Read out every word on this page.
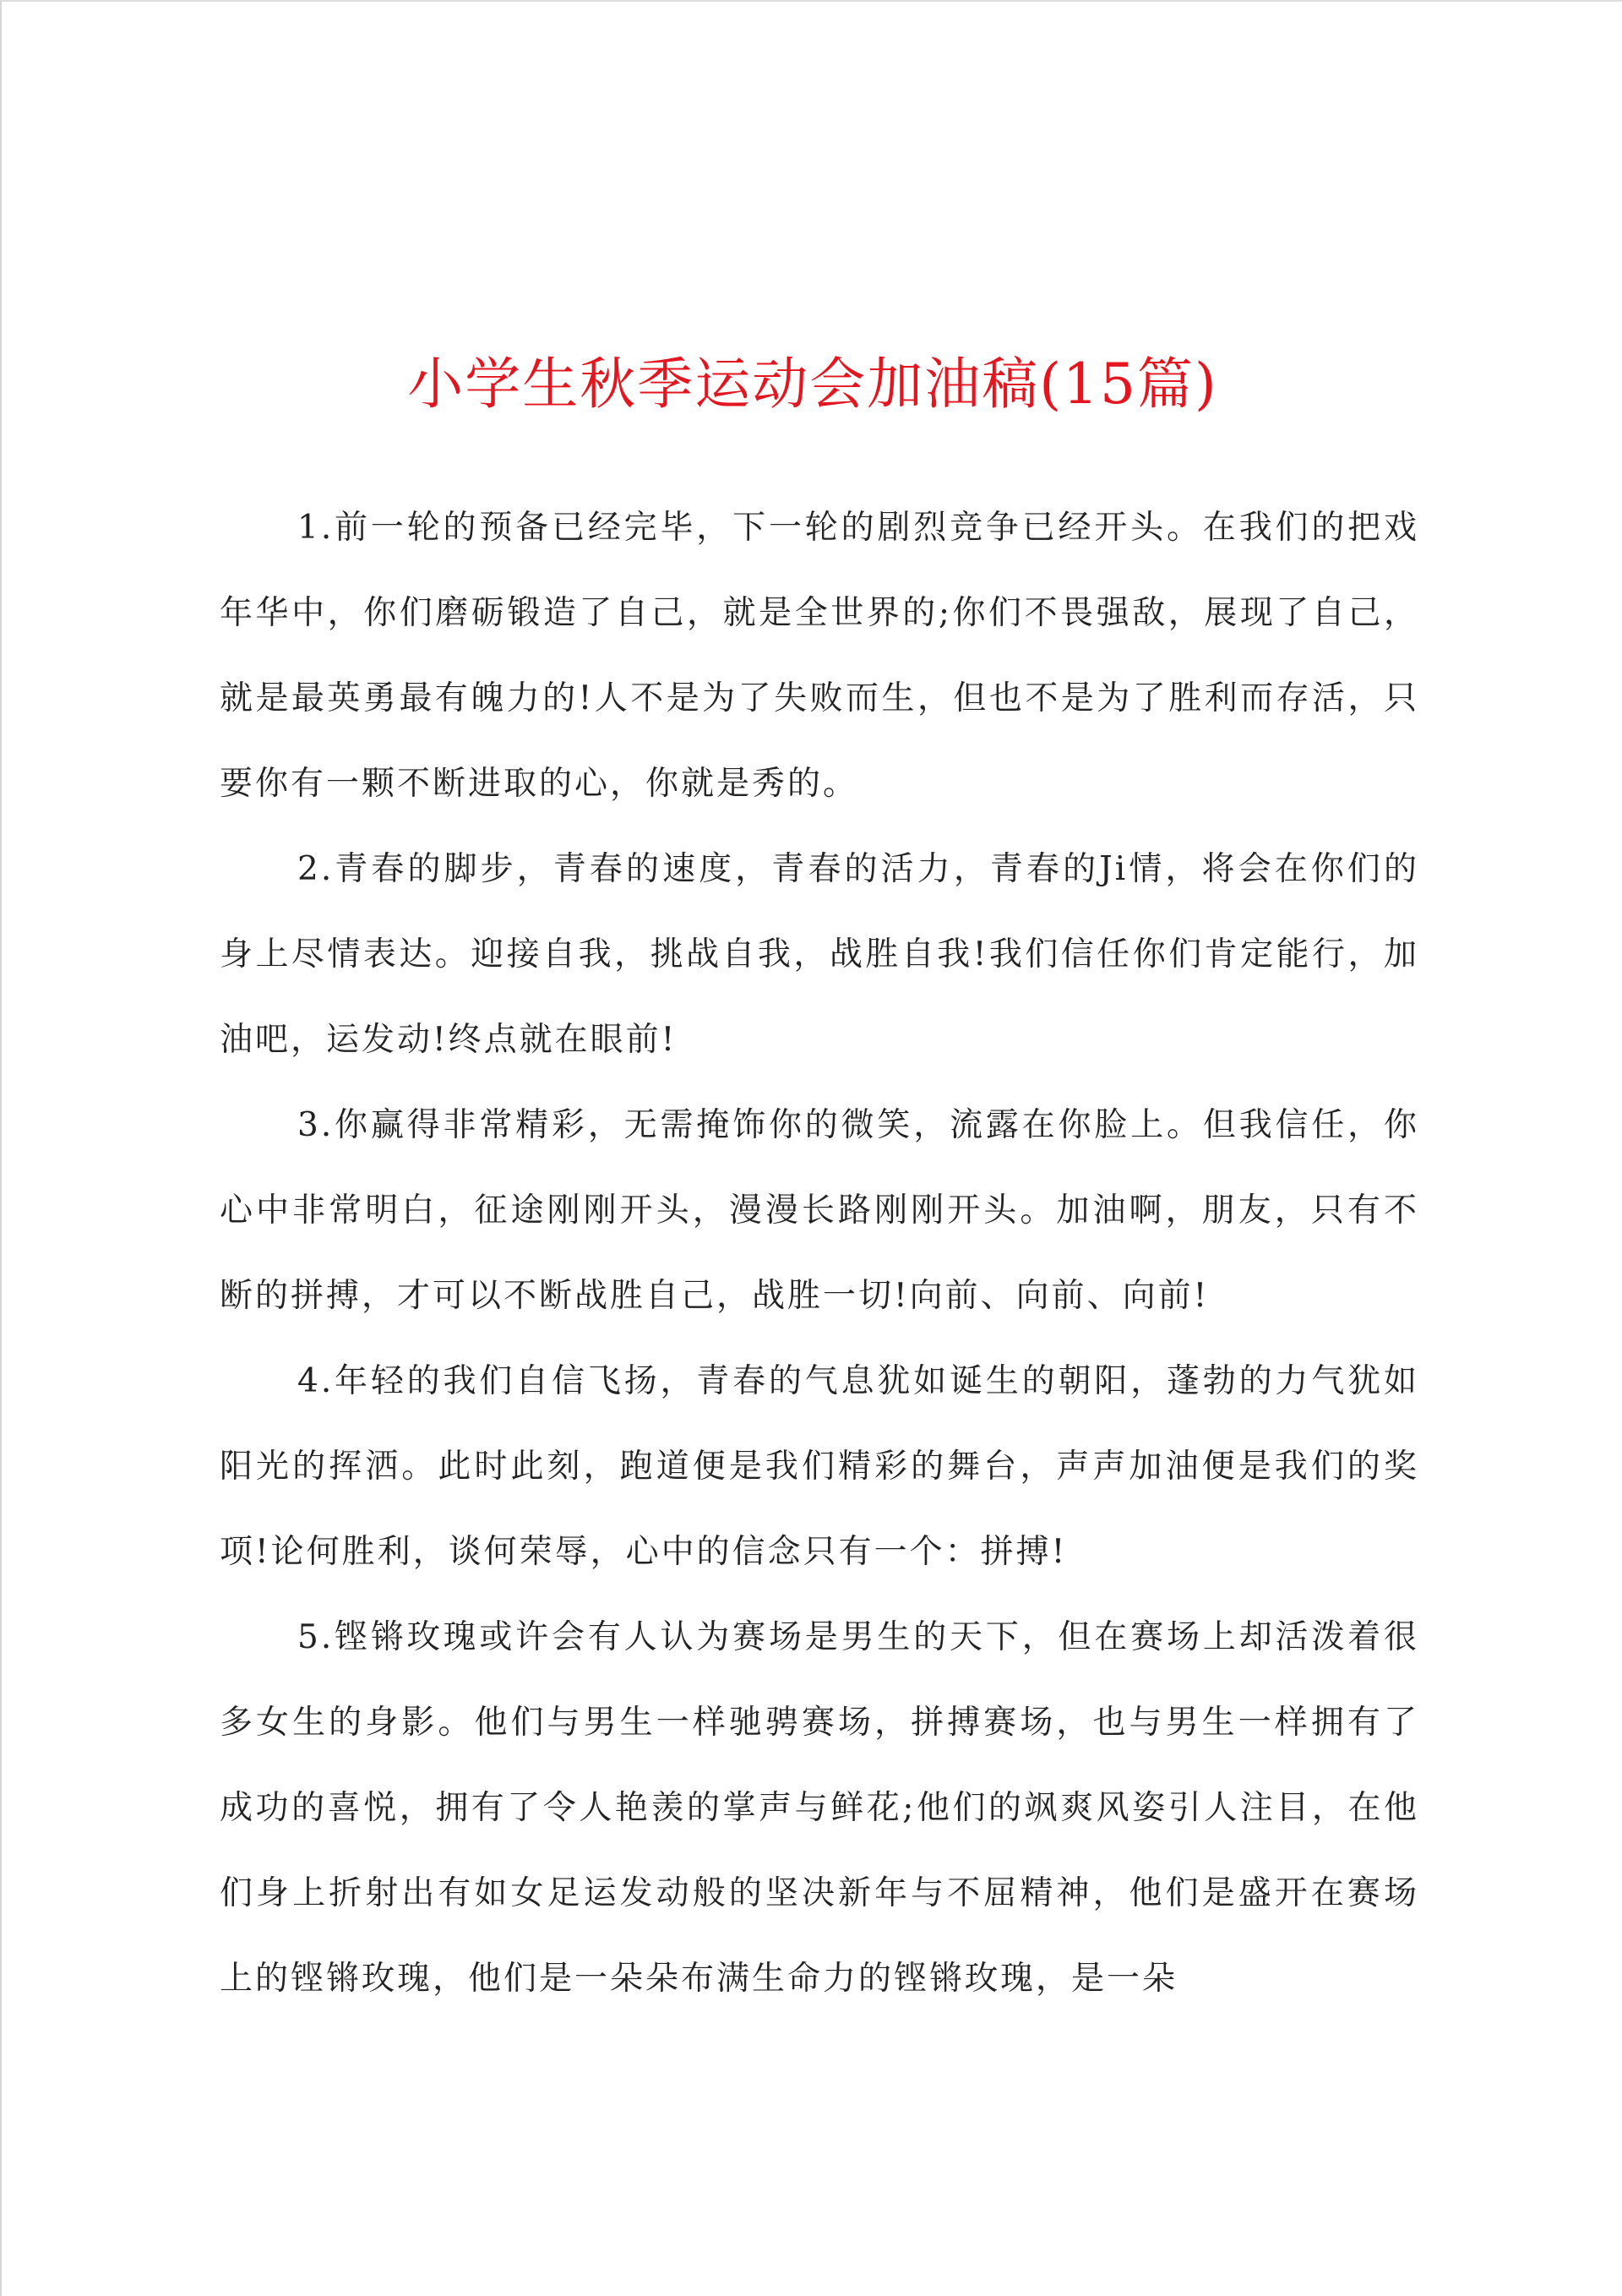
小学生秋季运动会加油稿(15篇)

1.前一轮的预备已经完毕，下一轮的剧烈竞争已经开头。在我们的把戏年华中，你们磨砺锻造了自己，就是全世界的;你们不畏强敌，展现了自己，就是最英勇最有魄力的!人不是为了失败而生，但也不是为了胜利而存活，只要你有一颗不断进取的心，你就是秀的。

2.青春的脚步，青春的速度，青春的活力，青春的Ji情，将会在你们的身上尽情表达。迎接自我，挑战自我，战胜自我!我们信任你们肯定能行，加油吧，运发动!终点就在眼前!

3.你赢得非常精彩，无需掩饰你的微笑，流露在你脸上。但我信任，你心中非常明白，征途刚刚开头，漫漫长路刚刚开头。加油啊，朋友，只有不断的拼搏，才可以不断战胜自己，战胜一切!向前、向前、向前!

4.年轻的我们自信飞扬，青春的气息犹如诞生的朝阳，蓬勃的力气犹如阳光的挥洒。此时此刻，跑道便是我们精彩的舞台，声声加油便是我们的奖项!论何胜利，谈何荣辱，心中的信念只有一个：拼搏!

5.铿锵玫瑰或许会有人认为赛场是男生的天下，但在赛场上却活泼着很多女生的身影。他们与男生一样驰骋赛场，拼搏赛场，也与男生一样拥有了成功的喜悦，拥有了令人艳羡的掌声与鲜花;他们的飒爽风姿引人注目，在他们身上折射出有如女足运发动般的坚决新年与不屈精神，他们是盛开在赛场上的铿锵玫瑰，他们是一朵朵布满生命力的铿锵玫瑰，是一朵
